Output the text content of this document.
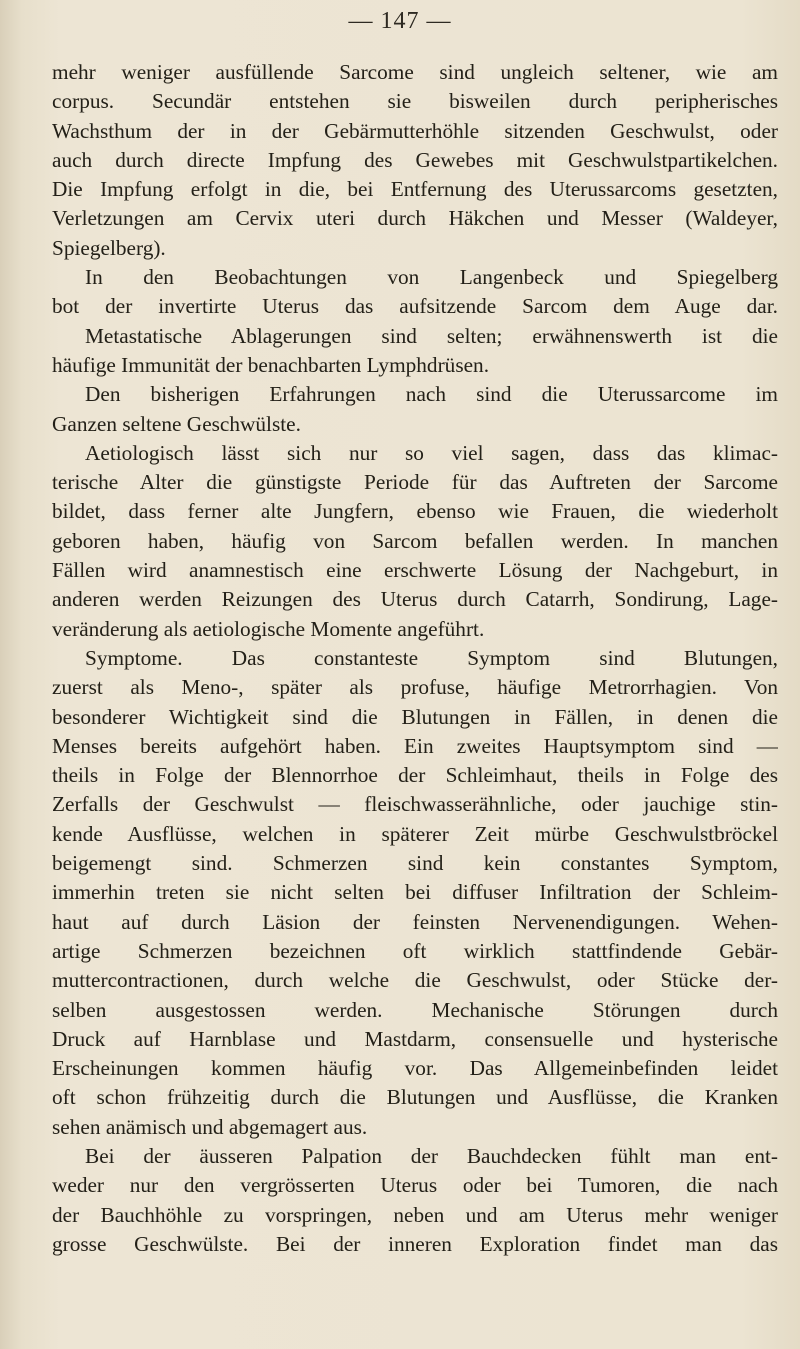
— 147 —
mehr weniger ausfüllende Sarcome sind ungleich seltener, wie am
corpus. Secundär entstehen sie bisweilen durch peripherisches
Wachsthum der in der Gebärmutterhöhle sitzenden Geschwulst, oder
auch durch directe Impfung des Gewebes mit Geschwulstpartikelchen.
Die Impfung erfolgt in die, bei Entfernung des Uterussarcoms gesetzten,
Verletzungen am Cervix uteri durch Häkchen und Messer (Waldeyer,
Spiegelberg).
In den Beobachtungen von Langenbeck und Spiegelberg
bot der invertirte Uterus das aufsitzende Sarcom dem Auge dar.
Metastatische Ablagerungen sind selten; erwähnenswerth ist die
häufige Immunität der benachbarten Lymphdrüsen.
Den bisherigen Erfahrungen nach sind die Uterussarcome im
Ganzen seltene Geschwülste.
Aetiologisch lässt sich nur so viel sagen, dass das klimac-
terische Alter die günstigste Periode für das Auftreten der Sarcome
bildet, dass ferner alte Jungfern, ebenso wie Frauen, die wiederholt
geboren haben, häufig von Sarcom befallen werden. In manchen
Fällen wird anamnestisch eine erschwerte Lösung der Nachgeburt, in
anderen werden Reizungen des Uterus durch Catarrh, Sondirung, Lage-
veränderung als aetiologische Momente angeführt.
Symptome. Das constanteste Symptom sind Blutungen,
zuerst als Meno-, später als profuse, häufige Metrorrhagien. Von
besonderer Wichtigkeit sind die Blutungen in Fällen, in denen die
Menses bereits aufgehört haben. Ein zweites Hauptsymptom sind —
theils in Folge der Blennorrhoe der Schleimhaut, theils in Folge des
Zerfalls der Geschwulst — fleischwasserähnliche, oder jauchige stin-
kende Ausflüsse, welchen in späterer Zeit mürbe Geschwulstbröckel
beigemengt sind. Schmerzen sind kein constantes Symptom,
immerhin treten sie nicht selten bei diffuser Infiltration der Schleim-
haut auf durch Läsion der feinsten Nervenendigungen. Wehen-
artige Schmerzen bezeichnen oft wirklich stattfindende Gebär-
muttercontractionen, durch welche die Geschwulst, oder Stücke der-
selben ausgestossen werden. Mechanische Störungen durch
Druck auf Harnblase und Mastdarm, consensuelle und hysterische
Erscheinungen kommen häufig vor. Das Allgemeinbefinden leidet
oft schon frühzeitig durch die Blutungen und Ausflüsse, die Kranken
sehen anämisch und abgemagert aus.
Bei der äusseren Palpation der Bauchdecken fühlt man ent-
weder nur den vergrösserten Uterus oder bei Tumoren, die nach
der Bauchhöhle zu vorspringen, neben und am Uterus mehr weniger
grosse Geschwülste. Bei der inneren Exploration findet man das
